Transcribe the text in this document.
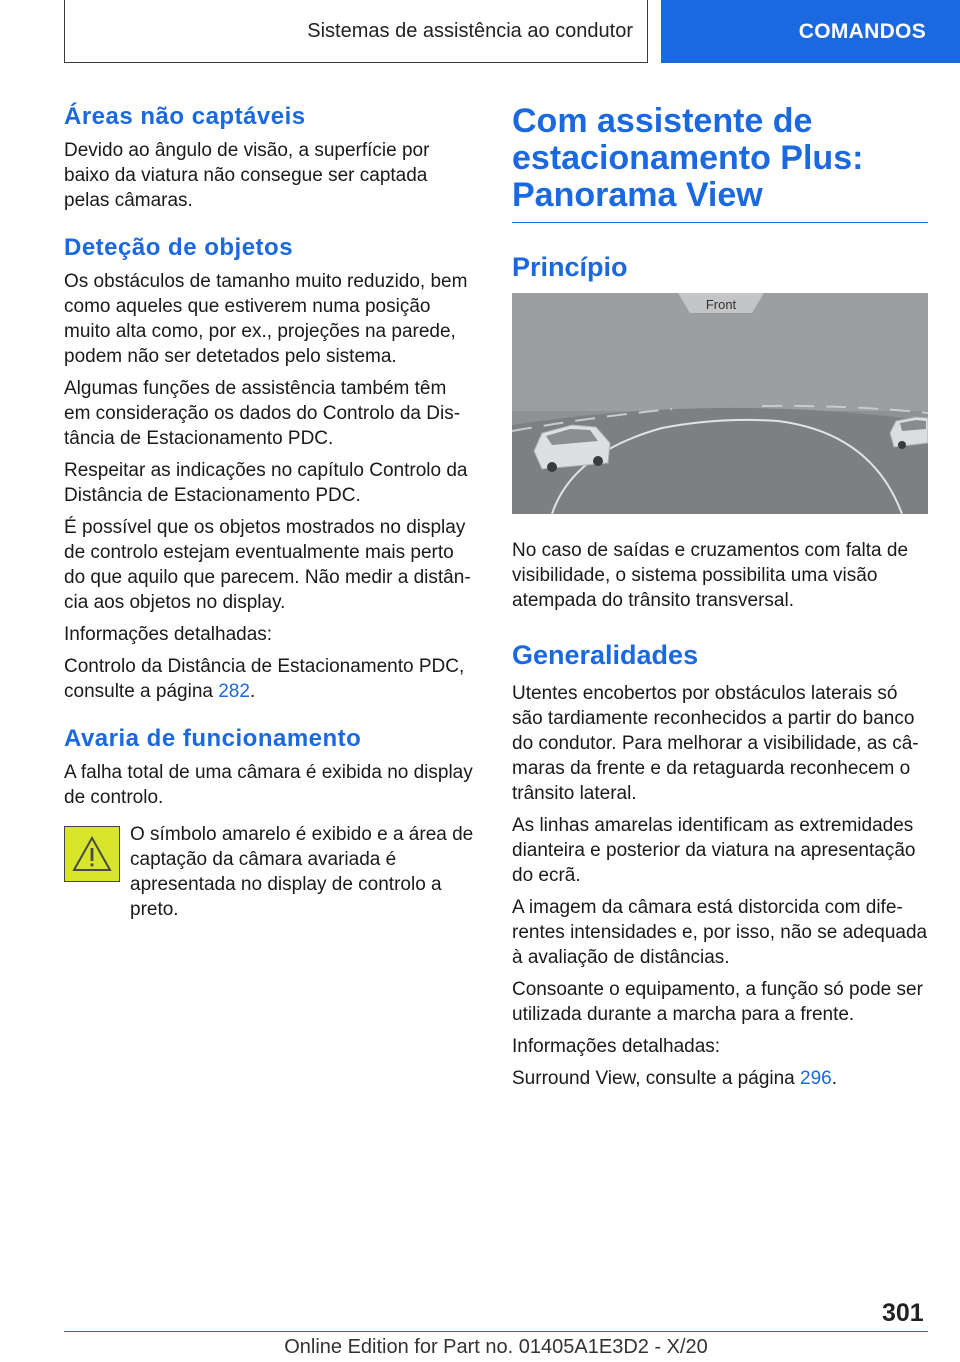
Sistemas de assistência ao condutor	COMANDOS
Áreas não captáveis

Devido ao ângulo de visão, a superfície por baixo da viatura não consegue ser captada pelas câmaras.

Deteção de objetos

Os obstáculos de tamanho muito reduzido, bem como aqueles que estiverem numa posição muito alta como, por ex., projeções na parede, podem não ser detetados pelo sistema.

Algumas funções de assistência também têm em consideração os dados do Controlo da Distância de Estacionamento PDC.

Respeitar as indicações no capítulo Controlo da Distância de Estacionamento PDC.

É possível que os objetos mostrados no display de controlo estejam eventualmente mais perto do que aquilo que parecem. Não medir a distância aos objetos no display.

Informações detalhadas:

Controlo da Distância de Estacionamento PDC, consulte a página 282.

Avaria de funcionamento

A falha total de uma câmara é exibida no display de controlo.

O símbolo amarelo é exibido e a área de captação da câmara avariada é apresentada no display de controlo a preto.
Com assistente de estacionamento Plus: Panorama View
Princípio
Front

No caso de saídas e cruzamentos com falta de visibilidade, o sistema possibilita uma visão atempada do trânsito transversal.

Generalidades

Utentes encobertos por obstáculos laterais só são tardiamente reconhecidos a partir do banco do condutor. Para melhorar a visibilidade, as câmaras da frente e da retaguarda reconhecem o trânsito lateral.

As linhas amarelas identificam as extremidades dianteira e posterior da viatura na apresentação do ecrã.

A imagem da câmara está distorcida com diferentes intensidades e, por isso, não se adequada à avaliação de distâncias.

Consoante o equipamento, a função só pode ser utilizada durante a marcha para a frente.

Informações detalhadas:

Surround View, consulte a página 296.

301
Online Edition for Part no. 01405A1E3D2 - X/20
